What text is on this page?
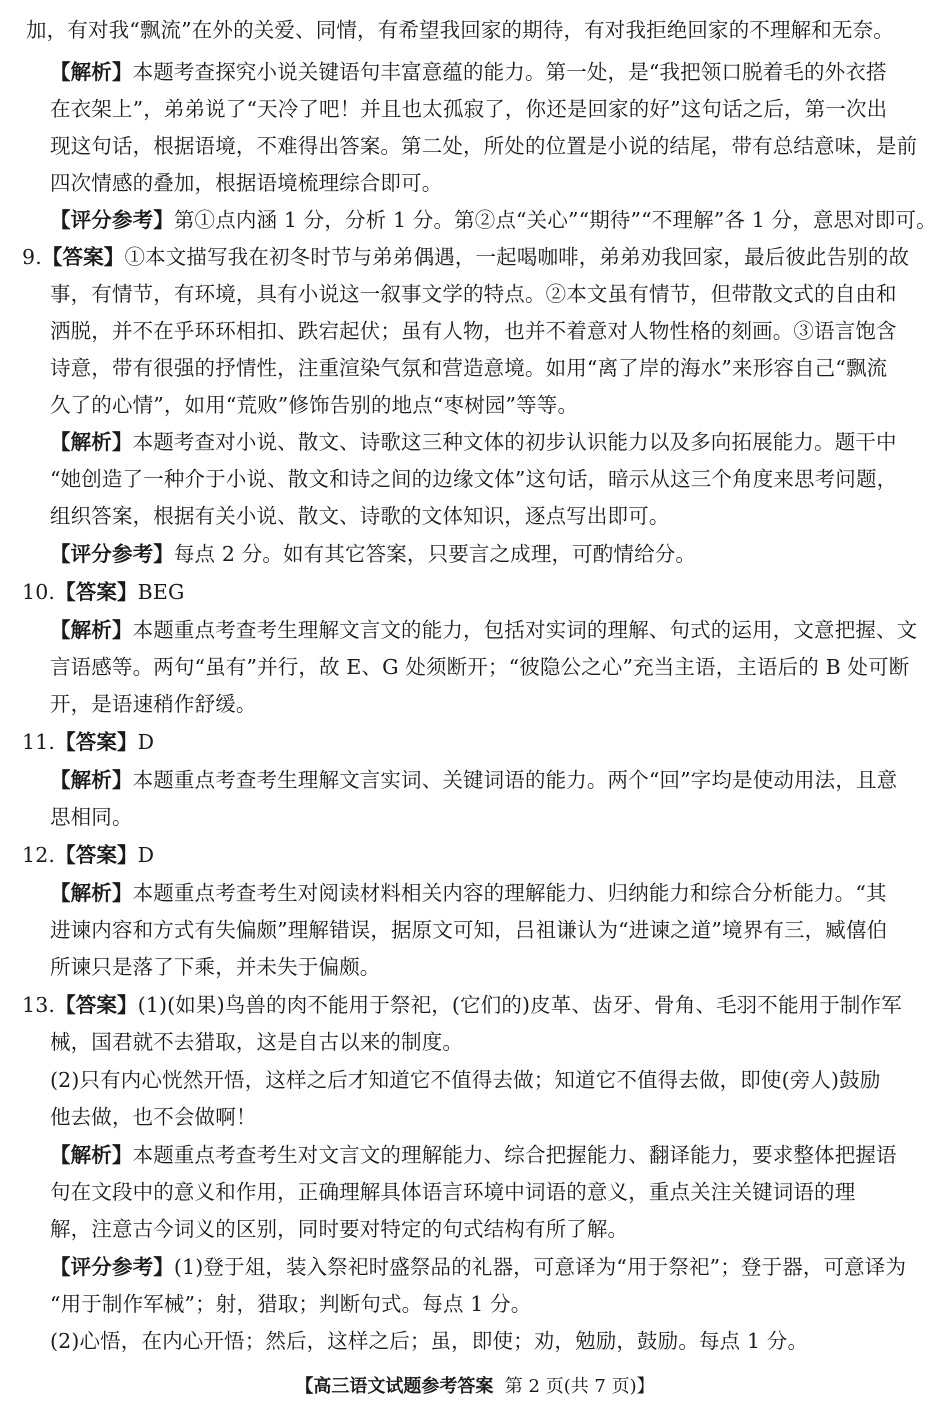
加，有对我“飘流”在外的关爱、同情，有希望我回家的期待，有对我拒绝回家的不理解和无奈。
【解析】本题考查探究小说关键语句丰富意蕴的能力。第一处，是“我把领口脱着毛的外衣搭
在衣架上”，弟弟说了“天冷了吧！并且也太孤寂了，你还是回家的好”这句话之后，第一次出
现这句话，根据语境，不难得出答案。第二处，所处的位置是小说的结尾，带有总结意味，是前
四次情感的叠加，根据语境梳理综合即可。
【评分参考】第①点内涵 1 分，分析 1 分。第②点“关心”“期待”“不理解”各 1 分，意思对即可。
9.【答案】①本文描写我在初冬时节与弟弟偶遇，一起喝咖啡，弟弟劝我回家，最后彼此告别的故
事，有情节，有环境，具有小说这一叙事文学的特点。②本文虽有情节，但带散文式的自由和
洒脱，并不在乎环环相扣、跌宕起伏；虽有人物，也并不着意对人物性格的刻画。③语言饱含
诗意，带有很强的抒情性，注重渲染气氛和营造意境。如用“离了岸的海水”来形容自己“飘流
久了的心情”，如用“荒败”修饰告别的地点“枣树园”等等。
【解析】本题考查对小说、散文、诗歌这三种文体的初步认识能力以及多向拓展能力。题干中
“她创造了一种介于小说、散文和诗之间的边缘文体”这句话，暗示从这三个角度来思考问题，
组织答案，根据有关小说、散文、诗歌的文体知识，逐点写出即可。
【评分参考】每点 2 分。如有其它答案，只要言之成理，可酌情给分。
10.【答案】BEG
【解析】本题重点考查考生理解文言文的能力，包括对实词的理解、句式的运用，文意把握、文
言语感等。两句“虽有”并行，故 E、G 处须断开；“彼隐公之心”充当主语，主语后的 B 处可断
开，是语速稍作舒缓。
11.【答案】D
【解析】本题重点考查考生理解文言实词、关键词语的能力。两个“回”字均是使动用法，且意
思相同。
12.【答案】D
【解析】本题重点考查考生对阅读材料相关内容的理解能力、归纳能力和综合分析能力。“其
进谏内容和方式有失偏颇”理解错误，据原文可知，吕祖谦认为“进谏之道”境界有三，臧僖伯
所谏只是落了下乘，并未失于偏颇。
13.【答案】(1)(如果)鸟兽的肉不能用于祭祀，(它们的)皮革、齿牙、骨角、毛羽不能用于制作军
械，国君就不去猎取，这是自古以来的制度。
(2)只有内心恍然开悟，这样之后才知道它不值得去做；知道它不值得去做，即使(旁人)鼓励
他去做，也不会做啊！
【解析】本题重点考查考生对文言文的理解能力、综合把握能力、翻译能力，要求整体把握语
句在文段中的意义和作用，正确理解具体语言环境中词语的意义，重点关注关键词语的理
解，注意古今词义的区别，同时要对特定的句式结构有所了解。
【评分参考】(1)登于俎，装入祭祀时盛祭品的礼器，可意译为“用于祭祀”；登于器，可意译为
“用于制作军械”；射，猎取；判断句式。每点 1 分。
(2)心悟，在内心开悟；然后，这样之后；虽，即使；劝，勉励，鼓励。每点 1 分。
【高三语文试题参考答案 第 2 页(共 7 页)】
